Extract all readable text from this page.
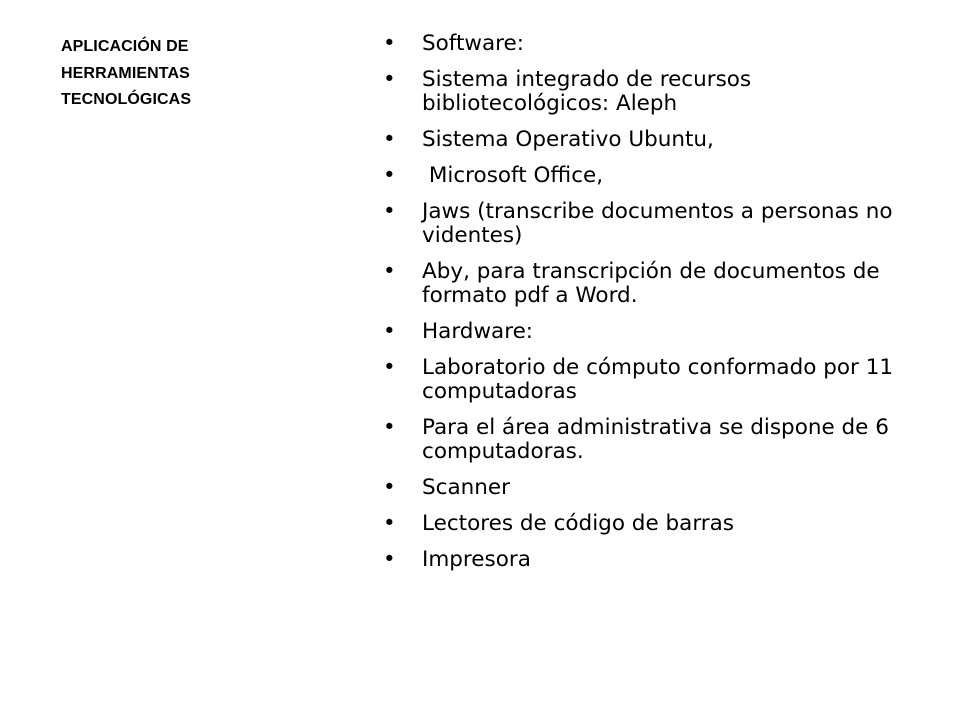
APLICACIÓN DE
HERRAMIENTAS
TECNOLÓGICAS
• Software:
• Sistema integrado de recursos bibliotecológicos: Aleph
• Sistema Operativo Ubuntu,
• Microsoft Office,
• Jaws (transcribe documentos a personas no videntes)
• Aby, para transcripción de documentos de formato pdf a Word.
• Hardware:
• Laboratorio de cómputo conformado por 11 computadoras
• Para el área administrativa se dispone de 6 computadoras.
• Scanner
• Lectores de código de barras
• Impresora
